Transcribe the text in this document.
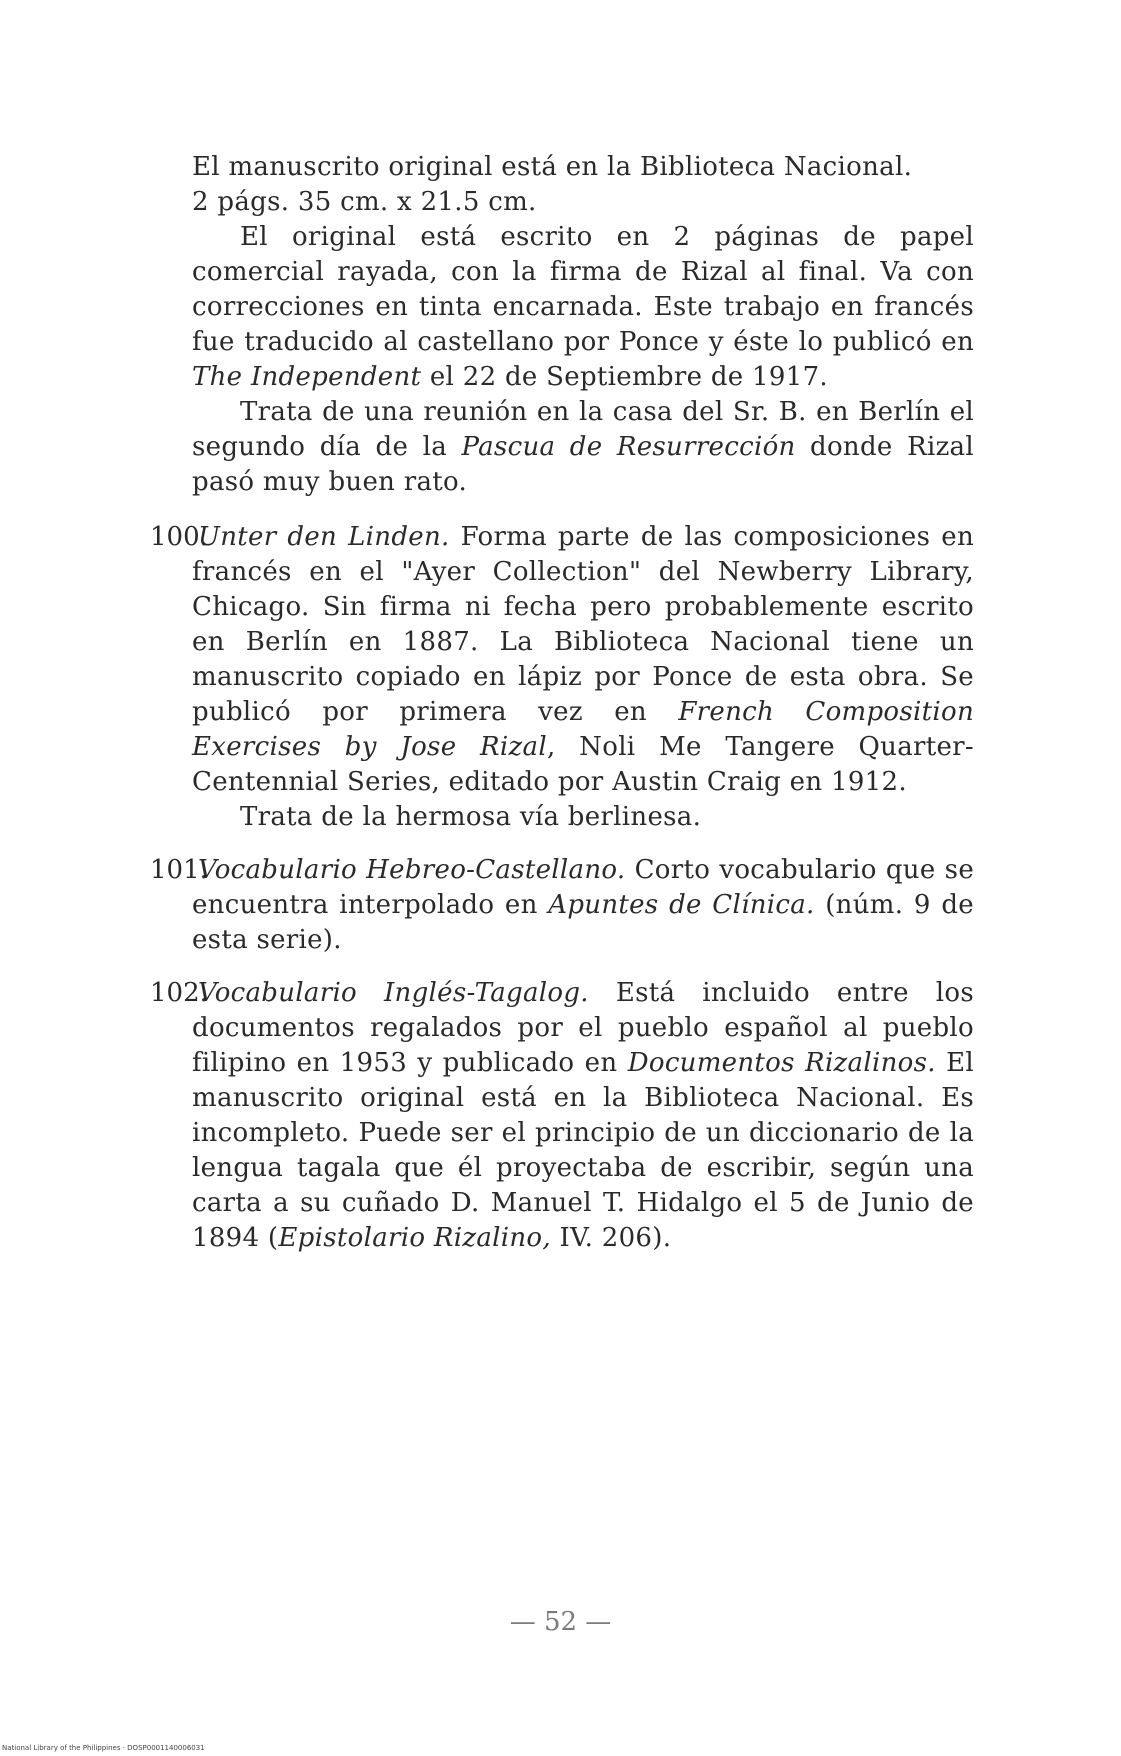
El manuscrito original está en la Biblioteca Nacional.

2 págs. 35 cm. x 21.5 cm.

El original está escrito en 2 páginas de papel comercial rayada, con la firma de Rizal al final. Va con correcciones en tinta encarnada. Este trabajo en francés fue traducido al castellano por Ponce y éste lo publicó en The Independent el 22 de Septiembre de 1917.

Trata de una reunión en la casa del Sr. B. en Berlín el segundo día de la Pascua de Resurrección donde Rizal pasó muy buen rato.

100.

Unter den Linden. Forma parte de las composiciones en francés en el "Ayer Collection" del Newberry Library, Chicago. Sin firma ni fecha pero probablemente escrito en Berlín en 1887. La Biblioteca Nacional tiene un manuscrito copiado en lápiz por Ponce de esta obra. Se publicó por primera vez en French Composition Exercises by Jose Rizal, Noli Me Tangere Quarter-Centennial Series, editado por Austin Craig en 1912.

Trata de la hermosa vía berlinesa.

101.

Vocabulario Hebreo-Castellano. Corto vocabulario que se encuentra interpolado en Apuntes de Clínica. (núm. 9 de esta serie).

102.

Vocabulario Inglés-Tagalog. Está incluido entre los documentos regalados por el pueblo español al pueblo filipino en 1953 y publicado en Documentos Rizalinos. El manuscrito original está en la Biblioteca Nacional. Es incompleto. Puede ser el principio de un diccionario de la lengua tagala que él proyectaba de escribir, según una carta a su cuñado D. Manuel T. Hidalgo el 5 de Junio de 1894 (Epistolario Rizalino, IV. 206).

— 52 —
National Library of the Philippines · DOSP0001140006031
